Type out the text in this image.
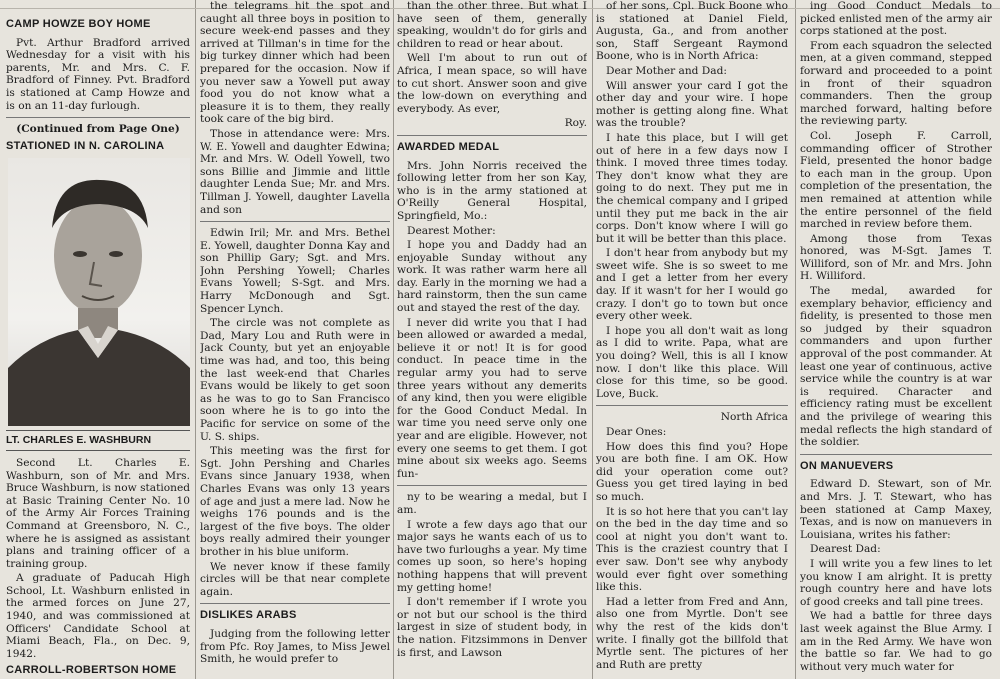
CAMP HOWZE BOY HOME

Pvt. Arthur Bradford arrived Wednesday for a visit with his parents, Mr. and Mrs. C. F. Bradford of Finney. Pvt. Bradford is stationed at Camp Howze and is on an 11-day furlough.

(Continued from Page One)

STATIONED IN N. CAROLINA
LT. CHARLES E. WASHBURN

Second Lt. Charles E. Washburn, son of Mr. and Mrs. Bruce Washburn, is now stationed at Basic Training Center No. 10 of the Army Air Forces Training Command at Greensboro, N. C., where he is assigned as assistant plans and training officer of a training group.

A graduate of Paducah High School, Lt. Washburn enlisted in the armed forces on June 27, 1940, and was commissioned at Officers' Candidate School at Miami Beach, Fla., on Dec. 9, 1942.

CARROLL-ROBERTSON HOME

the telegrams hit the spot and caught all three boys in position to secure week-end passes and they arrived at Tillman's in time for the big turkey dinner which had been prepared for the occasion. Now if you never saw a Yowell put away food you do not know what a pleasure it is to them, they really took care of the big bird.

Those in attendance were: Mrs. W. E. Yowell and daughter Edwina; Mr. and Mrs. W. Odell Yowell, two sons Billie and Jimmie and little daughter Lenda Sue; Mr. and Mrs. Tillman J. Yowell, daughter Lavella and son

Edwin Iril; Mr. and Mrs. Bethel E. Yowell, daughter Donna Kay and son Phillip Gary; Sgt. and Mrs. John Pershing Yowell; Charles Evans Yowell; S-Sgt. and Mrs. Harry McDonough and Sgt. Spencer Lynch.

The circle was not complete as Dad, Mary Lou and Ruth were in Jack County, but yet an enjoyable time was had, and too, this being the last week-end that Charles Evans would be likely to get soon as he was to go to San Francisco soon where he is to go into the Pacific for service on some of the U. S. ships.

This meeting was the first for Sgt. John Pershing and Charles Evans since January 1938, when Charles Evans was only 13 years of age and just a mere lad. Now he weighs 176 pounds and is the largest of the five boys. The older boys really admired their younger brother in his blue uniform.

We never know if these family circles will be that near complete again.

DISLIKES ARABS

Judging from the following letter from Pfc. Roy James, to Miss Jewel Smith, he would prefer to

than the other three. But what I have seen of them, generally speaking, wouldn't do for girls and children to read or hear about.

Well I'm about to run out of Africa, I mean space, so will have to cut short. Answer soon and give the low-down on everything and everybody. As ever,

Roy.

AWARDED MEDAL

Mrs. John Norris received the following letter from her son Kay, who is in the army stationed at O'Reilly General Hospital, Springfield, Mo.:

Dearest Mother:

I hope you and Daddy had an enjoyable Sunday without any work. It was rather warm here all day. Early in the morning we had a hard rainstorm, then the sun came out and stayed the rest of the day.

I never did write you that I had been allowed or awarded a medal, believe it or not! It is for good conduct. In peace time in the regular army you had to serve three years without any demerits of any kind, then you were eligible for the Good Conduct Medal. In war time you need serve only one year and are eligible. However, not every one seems to get them. I got mine about six weeks ago. Seems fun-

ny to be wearing a medal, but I am.

I wrote a few days ago that our major says he wants each of us to have two furloughs a year. My time comes up soon, so here's hoping nothing happens that will prevent my getting home!

I don't remember if I wrote you or not but our school is the third largest in size of student body, in the nation. Fitzsimmons in Denver is first, and Lawson

of her sons, Cpl. Buck Boone who is stationed at Daniel Field, Augusta, Ga., and from another son, Staff Sergeant Raymond Boone, who is in North Africa:

Dear Mother and Dad:

Will answer your card I got the other day and your wire. I hope mother is getting along fine. What was the trouble?

I hate this place, but I will get out of here in a few days now I think. I moved three times today. They don't know what they are going to do next. They put me in the chemical company and I griped until they put me back in the air corps. Don't know where I will go but it will be better than this place.

I don't hear from anybody but my sweet wife. She is so sweet to me and I get a letter from her every day. If it wasn't for her I would go crazy. I don't go to town but once every other week.

I hope you all don't wait as long as I did to write. Papa, what are you doing? Well, this is all I know now. I don't like this place. Will close for this time, so be good. Love, Buck.

North Africa

Dear Ones:

How does this find you? Hope you are both fine. I am OK. How did your operation come out? Guess you get tired laying in bed so much.

It is so hot here that you can't lay on the bed in the day time and so cool at night you don't want to. This is the craziest country that I ever saw. Don't see why anybody would ever fight over something like this.

Had a letter from Fred and Ann, also one from Myrtle. Don't see why the rest of the kids don't write. I finally got the billfold that Myrtle sent. The pictures of her and Ruth are pretty

ing Good Conduct Medals to picked enlisted men of the army air corps stationed at the post.

From each squadron the selected men, at a given command, stepped forward and proceeded to a point in front of their squadron commanders. Then the group marched forward, halting before the reviewing party.

Col. Joseph F. Carroll, commanding officer of Strother Field, presented the honor badge to each man in the group. Upon completion of the presentation, the men remained at attention while the entire personnel of the field marched in review before them.

Among those from Texas honored, was M-Sgt. James T. Williford, son of Mr. and Mrs. John H. Williford.

The medal, awarded for exemplary behavior, efficiency and fidelity, is presented to those men so judged by their squadron commanders and upon further approval of the post commander. At least one year of continuous, active service while the country is at war is required. Character and efficiency rating must be excellent and the privilege of wearing this medal reflects the high standard of the soldier.

ON MANUEVERS

Edward D. Stewart, son of Mr. and Mrs. J. T. Stewart, who has been stationed at Camp Maxey, Texas, and is now on manuevers in Louisiana, writes his father:

Dearest Dad:

I will write you a few lines to let you know I am alright. It is pretty rough country here and have lots of good creeks and tall pine trees.

We had a battle for three days last week against the Blue Army. I am in the Red Army. We have won the battle so far. We had to go without very much water for
